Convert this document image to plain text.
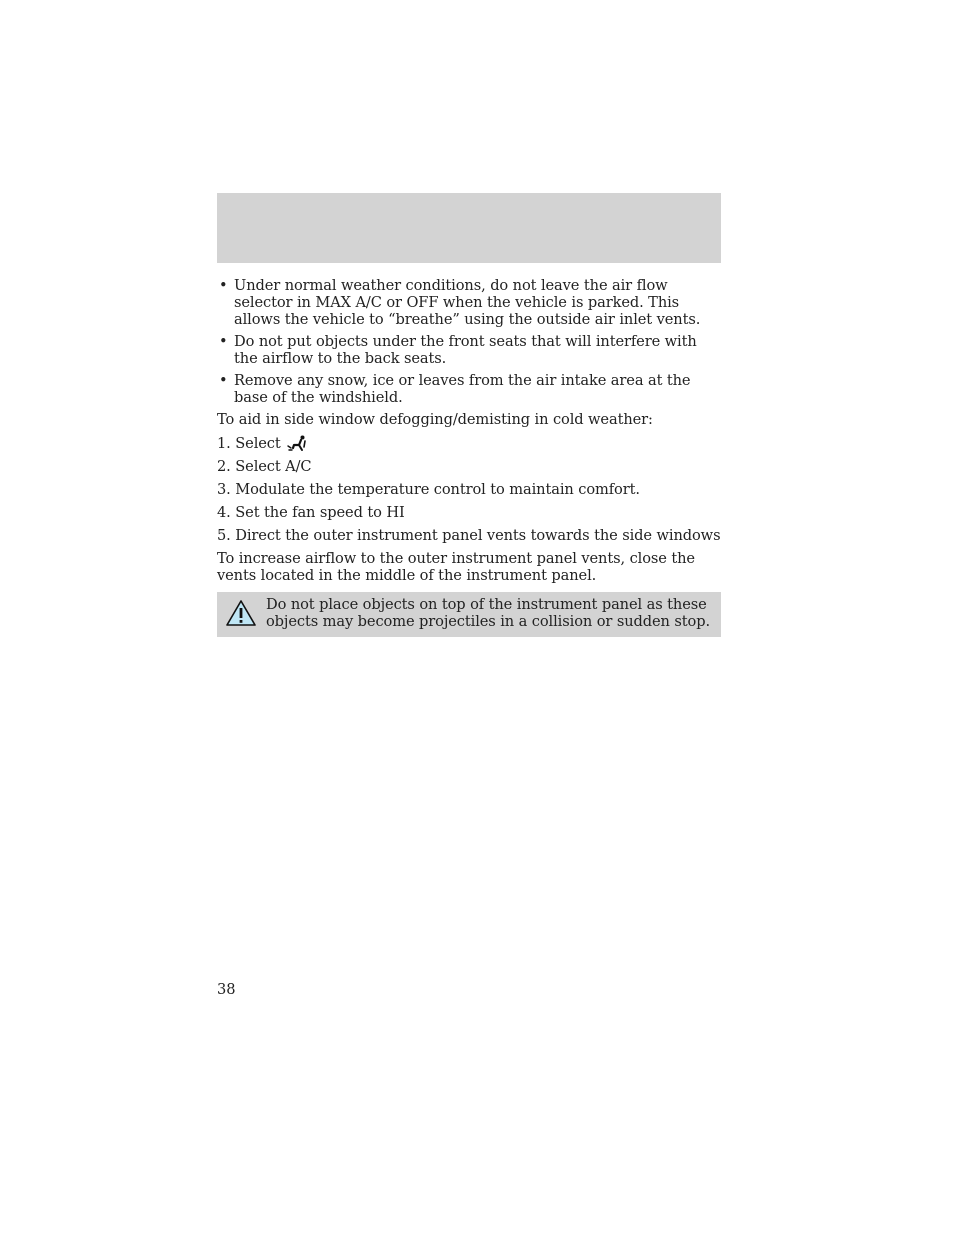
• Under normal weather conditions, do not leave the air flow selector in MAX A/C or OFF when the vehicle is parked. This allows the vehicle to “breathe” using the outside air inlet vents.
• Do not put objects under the front seats that will interfere with the airflow to the back seats.
• Remove any snow, ice or leaves from the air intake area at the base of the windshield.

To aid in side window defogging/demisting in cold weather:

1. Select
2. Select A/C
3. Modulate the temperature control to maintain comfort.
4. Set the fan speed to HI
5. Direct the outer instrument panel vents towards the side windows

To increase airflow to the outer instrument panel vents, close the vents located in the middle of the instrument panel.

Do not place objects on top of the instrument panel as these objects may become projectiles in a collision or sudden stop.
38
